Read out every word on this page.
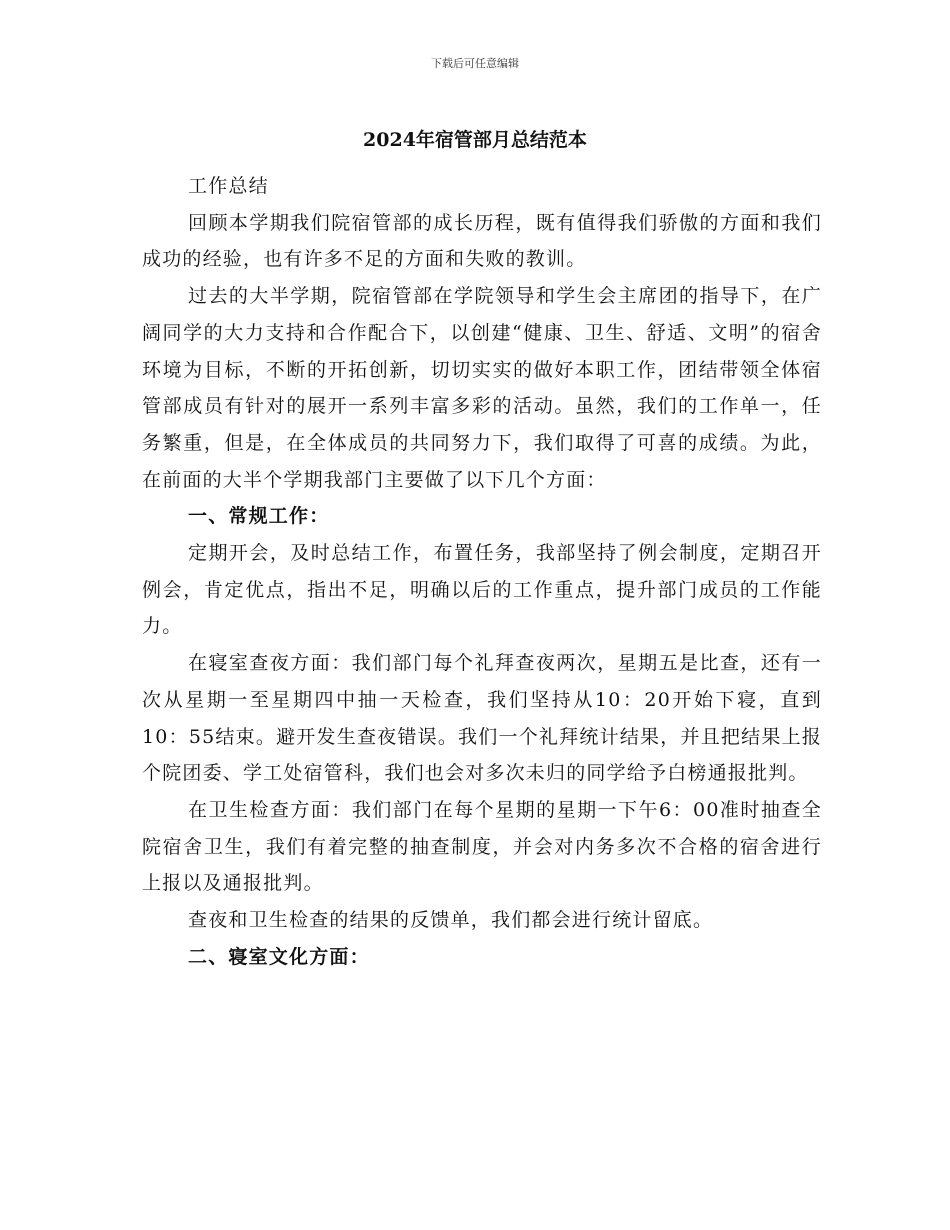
下载后可任意编辑
2024年宿管部月总结范本

工作总结

回顾本学期我们院宿管部的成长历程，既有值得我们骄傲的方面和我们成功的经验，也有许多不足的方面和失败的教训。

过去的大半学期，院宿管部在学院领导和学生会主席团的指导下，在广阔同学的大力支持和合作配合下，以创建“健康、卫生、舒适、文明”的宿舍环境为目标，不断的开拓创新，切切实实的做好本职工作，团结带领全体宿管部成员有针对的展开一系列丰富多彩的活动。虽然，我们的工作单一，任务繁重，但是，在全体成员的共同努力下，我们取得了可喜的成绩。为此，在前面的大半个学期我部门主要做了以下几个方面：

一、常规工作：

定期开会，及时总结工作，布置任务，我部坚持了例会制度，定期召开例会，肯定优点，指出不足，明确以后的工作重点，提升部门成员的工作能力。

在寝室查夜方面：我们部门每个礼拜查夜两次，星期五是比查，还有一次从星期一至星期四中抽一天检查，我们坚持从10：20开始下寝，直到10：55结束。避开发生查夜错误。我们一个礼拜统计结果，并且把结果上报个院团委、学工处宿管科，我们也会对多次未归的同学给予白榜通报批判。

在卫生检查方面：我们部门在每个星期的星期一下午6：00准时抽查全院宿舍卫生，我们有着完整的抽查制度，并会对内务多次不合格的宿舍进行上报以及通报批判。

查夜和卫生检查的结果的反馈单，我们都会进行统计留底。

二、寝室文化方面：
